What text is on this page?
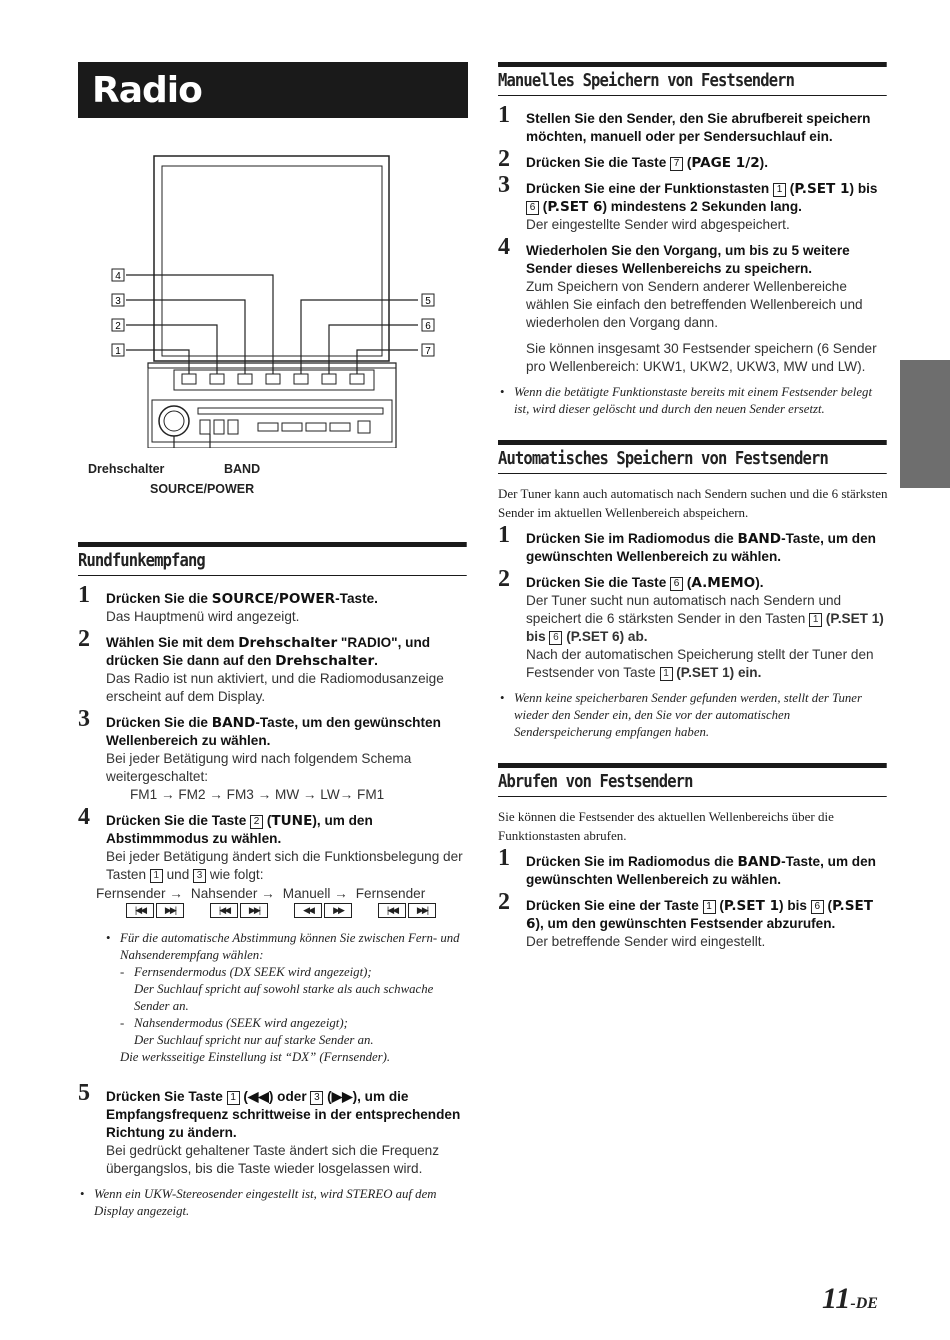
Radio
4
3
2
1
5
6
7
Drehschalter	BAND
SOURCE/POWER
Rundfunkempfang
1 Drücken Sie die SOURCE/POWER-Taste.
Das Hauptmenü wird angezeigt.
2 Wählen Sie mit dem Drehschalter "RADIO", und drücken Sie dann auf den Drehschalter.
Das Radio ist nun aktiviert, und die Radiomodusanzeige erscheint auf dem Display.
3 Drücken Sie die BAND-Taste, um den gewünschten Wellenbereich zu wählen.
Bei jeder Betätigung wird nach folgendem Schema weitergeschaltet:
FM1 → FM2 → FM3 → MW → LW→ FM1
4 Drücken Sie die Taste 2 (TUNE), um den Abstimmmodus zu wählen.
Bei jeder Betätigung ändert sich die Funktionsbelegung der Tasten 1 und 3 wie folgt:
Fernsender → Nahsender → Manuell → Fernsender
|◀◀	▶▶|	|◀◀	▶▶|	◀◀	▶▶	|◀◀	▶▶|
• Für die automatische Abstimmung können Sie zwischen Fern- und Nahsenderempfang wählen:
- Fernsendermodus (DX SEEK wird angezeigt);
Der Suchlauf spricht auf sowohl starke als auch schwache Sender an.
- Nahsendermodus (SEEK wird angezeigt);
Der Suchlauf spricht nur auf starke Sender an.
Die werksseitige Einstellung ist “DX” (Fernsender).
5 Drücken Sie Taste 1 (◀◀) oder 3 (▶▶), um die Empfangsfrequenz schrittweise in der entsprechenden Richtung zu ändern.
Bei gedrückt gehaltener Taste ändert sich die Frequenz übergangslos, bis die Taste wieder losgelassen wird.
• Wenn ein UKW-Stereosender eingestellt ist, wird STEREO auf dem Display angezeigt.
Manuelles Speichern von Festsendern
1 Stellen Sie den Sender, den Sie abrufbereit speichern möchten, manuell oder per Sendersuchlauf ein.
2 Drücken Sie die Taste 7 (PAGE 1/2).
3 Drücken Sie eine der Funktionstasten 1 (P.SET 1) bis 6 (P.SET 6) mindestens 2 Sekunden lang.
Der eingestellte Sender wird abgespeichert.
4 Wiederholen Sie den Vorgang, um bis zu 5 weitere Sender dieses Wellenbereichs zu speichern.
Zum Speichern von Sendern anderer Wellenbereiche wählen Sie einfach den betreffenden Wellenbereich und wiederholen den Vorgang dann.
Sie können insgesamt 30 Festsender speichern (6 Sender pro Wellenbereich: UKW1, UKW2, UKW3, MW und LW).
• Wenn die betätigte Funktionstaste bereits mit einem Festsender belegt ist, wird dieser gelöscht und durch den neuen Sender ersetzt.
Automatisches Speichern von Festsendern
Der Tuner kann auch automatisch nach Sendern suchen und die 6 stärksten Sender im aktuellen Wellenbereich abspeichern.
1 Drücken Sie im Radiomodus die BAND-Taste, um den gewünschten Wellenbereich zu wählen.
2 Drücken Sie die Taste 6 (A.MEMO).
Der Tuner sucht nun automatisch nach Sendern und speichert die 6 stärksten Sender in den Tasten 1 (P.SET 1) bis 6 (P.SET 6) ab.
Nach der automatischen Speicherung stellt der Tuner den Festsender von Taste 1 (P.SET 1) ein.
• Wenn keine speicherbaren Sender gefunden werden, stellt der Tuner wieder den Sender ein, den Sie vor der automatischen Senderspeicherung empfangen haben.
Abrufen von Festsendern
Sie können die Festsender des aktuellen Wellenbereichs über die Funktionstasten abrufen.
1 Drücken Sie im Radiomodus die BAND-Taste, um den gewünschten Wellenbereich zu wählen.
2 Drücken Sie eine der Taste 1 (P.SET 1) bis 6 (P.SET 6), um den gewünschten Festsender abzurufen.
Der betreffende Sender wird eingestellt.
11-DE
